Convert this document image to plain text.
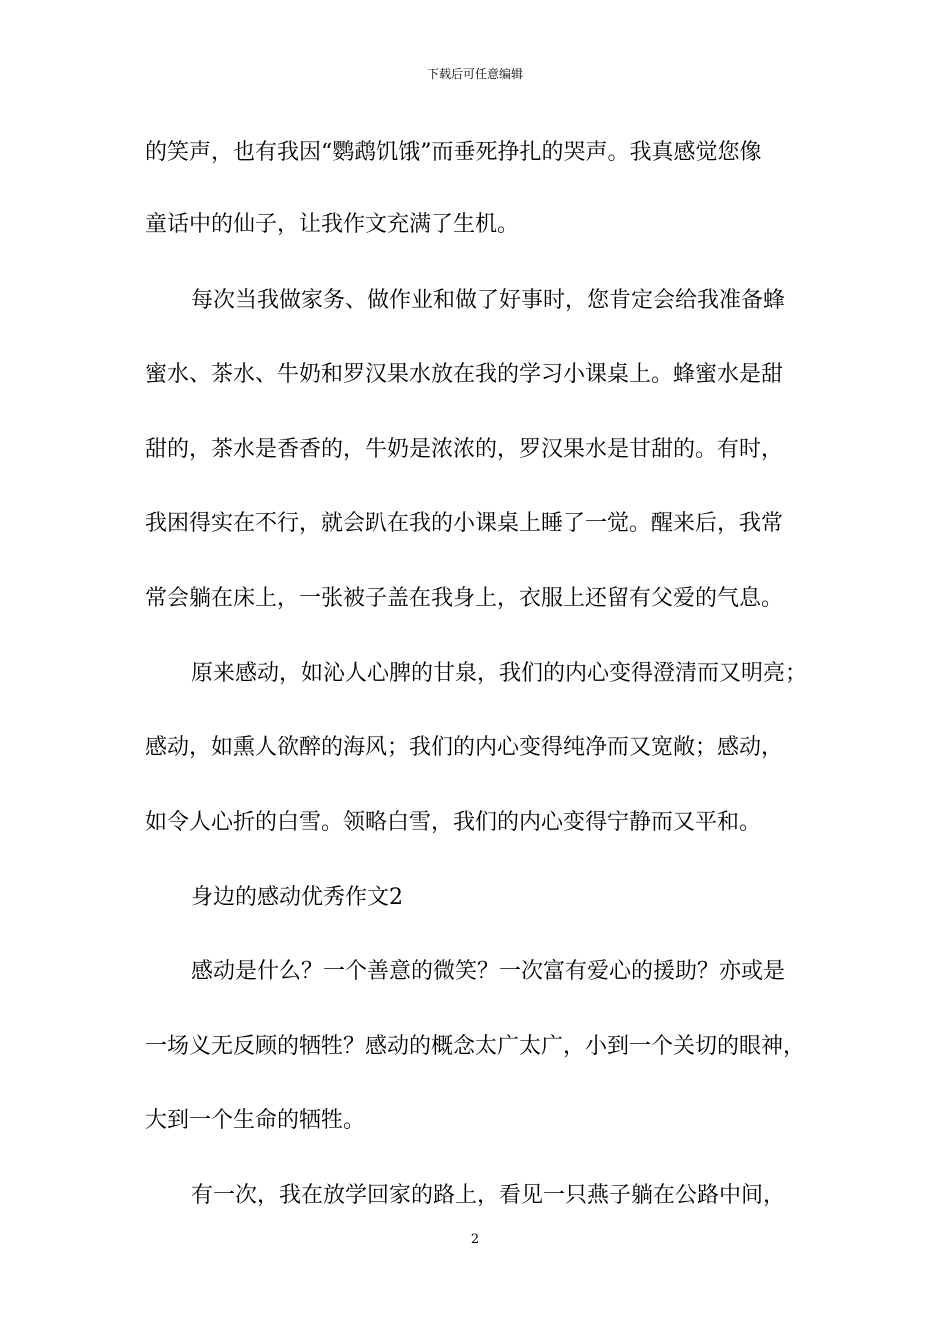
下载后可任意编辑
的笑声，也有我因“鹦鹉饥饿”而垂死挣扎的哭声。我真感觉您像
童话中的仙子，让我作文充满了生机。
每次当我做家务、做作业和做了好事时，您肯定会给我准备蜂
蜜水、茶水、牛奶和罗汉果水放在我的学习小课桌上。蜂蜜水是甜
甜的，茶水是香香的，牛奶是浓浓的，罗汉果水是甘甜的。有时，
我困得实在不行，就会趴在我的小课桌上睡了一觉。醒来后，我常
常会躺在床上，一张被子盖在我身上，衣服上还留有父爱的气息。
原来感动，如沁人心脾的甘泉，我们的内心变得澄清而又明亮；
感动，如熏人欲醉的海风；我们的内心变得纯净而又宽敞；感动，
如令人心折的白雪。领略白雪，我们的内心变得宁静而又平和。
身边的感动优秀作文2
感动是什么？一个善意的微笑？一次富有爱心的援助？亦或是
一场义无反顾的牺牲？感动的概念太广太广，小到一个关切的眼神，
大到一个生命的牺牲。
有一次，我在放学回家的路上，看见一只燕子躺在公路中间，
2
